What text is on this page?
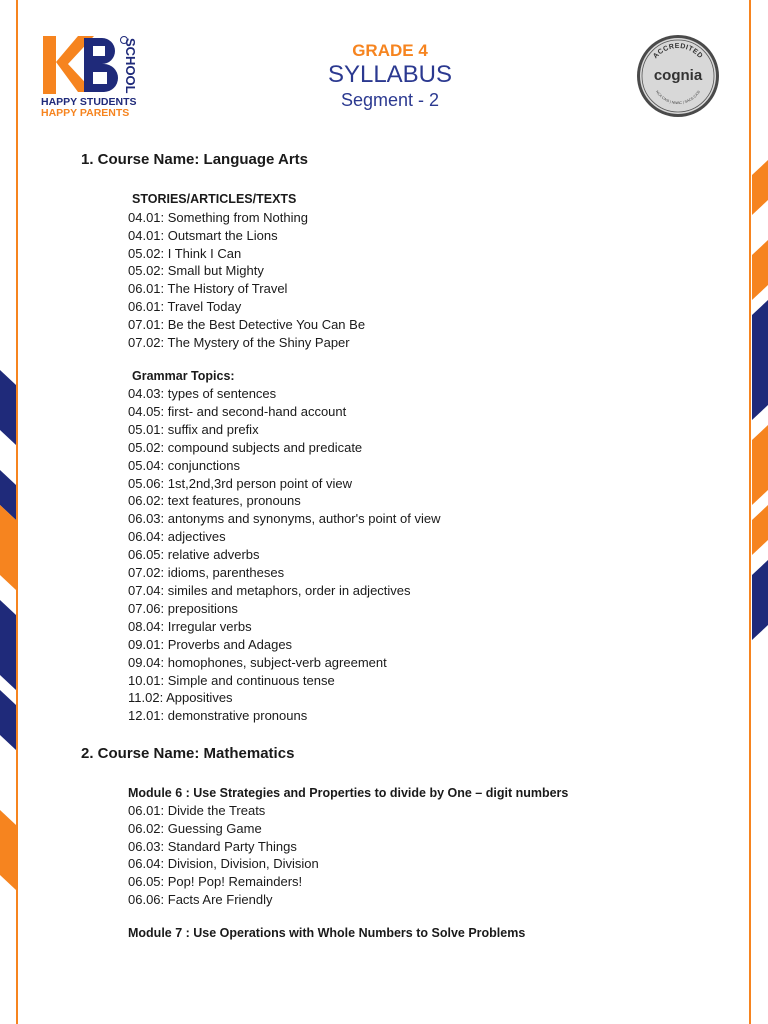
SCHOOL
HAPPY STUDENTS
HAPPY PARENTS
GRADE 4
SYLLABUS
Segment - 2
ACCREDITED
cognia
NCA CASI | NWAC | SACS CASI
1. Course Name: Language Arts
STORIES/ARTICLES/TEXTS
04.01: Something from Nothing
04.01: Outsmart the Lions
05.02: I Think I Can
05.02: Small but Mighty
06.01: The History of Travel
06.01: Travel Today
07.01: Be the Best Detective You Can Be
07.02: The Mystery of the Shiny Paper
Grammar Topics:
04.03: types of sentences
04.05: first- and second-hand account
05.01: suffix and prefix
05.02: compound subjects and predicate
05.04: conjunctions
05.06: 1st,2nd,3rd person point of view
06.02: text features, pronouns
06.03: antonyms and synonyms, author's point of view
06.04: adjectives
06.05: relative adverbs
07.02: idioms, parentheses
07.04: similes and metaphors, order in adjectives
07.06: prepositions
08.04: Irregular verbs
09.01: Proverbs and Adages
09.04: homophones, subject-verb agreement
10.01: Simple and continuous tense
11.02: Appositives
12.01: demonstrative pronouns
2. Course Name: Mathematics
Module 6 : Use Strategies and Properties to divide by One – digit numbers
06.01: Divide the Treats
06.02: Guessing Game
06.03: Standard Party Things
06.04: Division, Division, Division
06.05: Pop! Pop! Remainders!
06.06: Facts Are Friendly
Module 7 : Use Operations with Whole Numbers to Solve Problems
